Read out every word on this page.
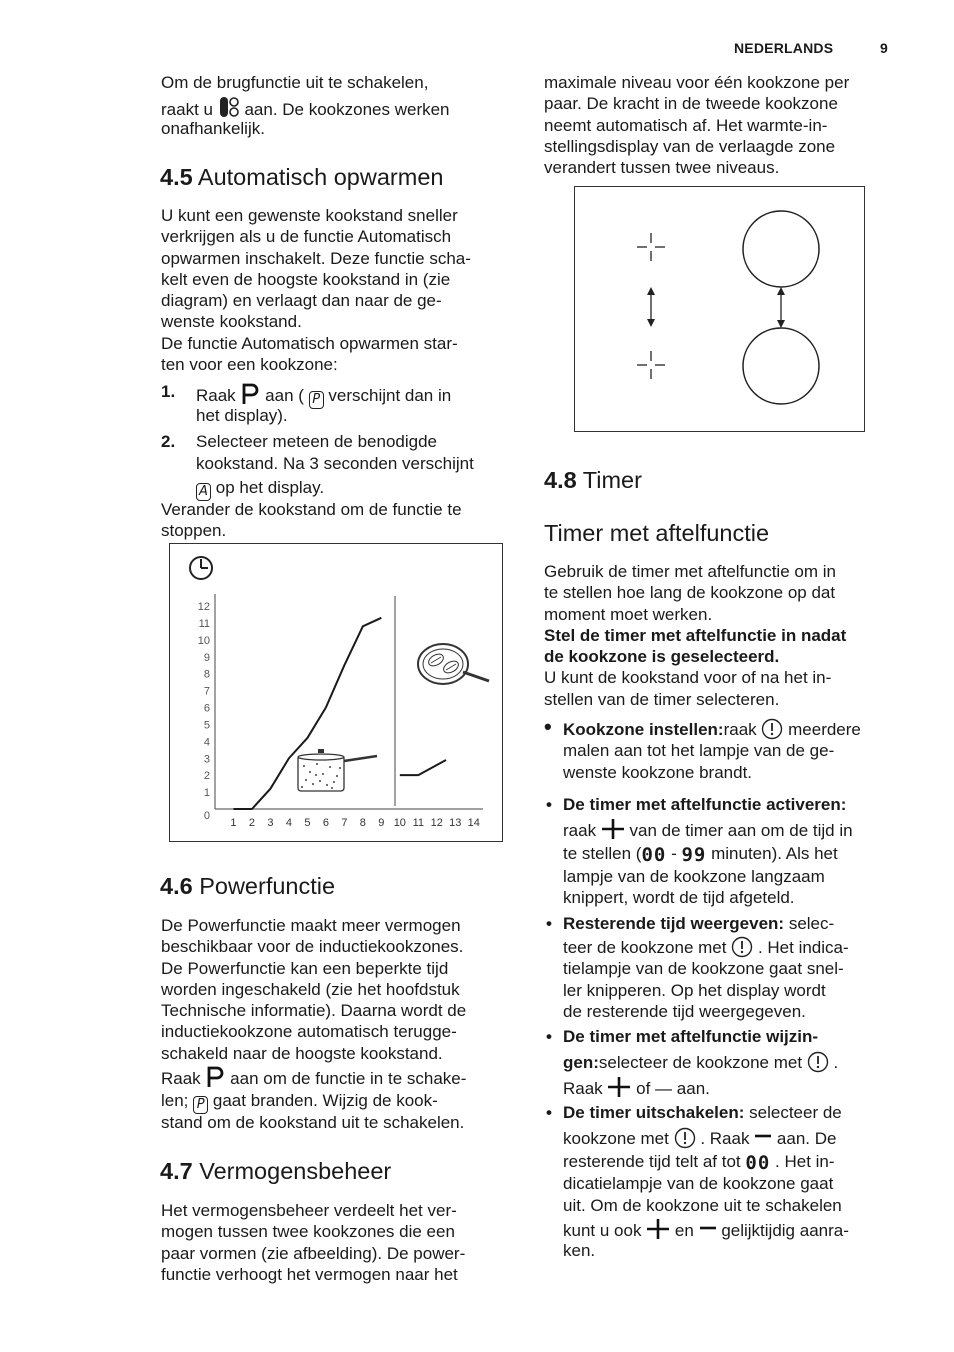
NEDERLANDS	9
Om de brugfunctie uit te schakelen,
raakt u aan. De kookzones werken
onafhankelijk.
4.5 Automatisch opwarmen
U kunt een gewenste kookstand sneller
verkrijgen als u de functie Automatisch
opwarmen inschakelt. Deze functie scha-
kelt even de hoogste kookstand in (zie
diagram) en verlaagt dan naar de ge-
wenste kookstand.
De functie Automatisch opwarmen star-
ten voor een kookzone:
1. Raak aan ( P verschijnt dan in
het display).
2. Selecteer meteen de benodigde
kookstand. Na 3 seconden verschijnt
A op het display.
Verander de kookstand om de functie te
stoppen.
0
1
2
3
4
5
6
7
8
9
10
11
12
1 2 3 4 5 6 7 8 9 10 11 12 13 14
4.6 Powerfunctie
De Powerfunctie maakt meer vermogen
beschikbaar voor de inductiekookzones.
De Powerfunctie kan een beperkte tijd
worden ingeschakeld (zie het hoofdstuk
Technische informatie). Daarna wordt de
inductiekookzone automatisch terugge-
schakeld naar de hoogste kookstand.
Raak aan om de functie in te schake-
len; P gaat branden. Wijzig de kook-
stand om de kookstand uit te schakelen.
4.7 Vermogensbeheer
Het vermogensbeheer verdeelt het ver-
mogen tussen twee kookzones die een
paar vormen (zie afbeelding). De power-
functie verhoogt het vermogen naar het
maximale niveau voor één kookzone per
paar. De kracht in de tweede kookzone
neemt automatisch af. Het warmte-in-
stellingsdisplay van de verlaagde zone
verandert tussen twee niveaus.
4.8 Timer
Timer met aftelfunctie
Gebruik de timer met aftelfunctie om in
te stellen hoe lang de kookzone op dat
moment moet werken.
Stel de timer met aftelfunctie in nadat
de kookzone is geselecteerd.
U kunt de kookstand voor of na het in-
stellen van de timer selecteren.
• Kookzone instellen:raak meerdere
malen aan tot het lampje van de ge-
wenste kookzone brandt.
• De timer met aftelfunctie activeren:
raak van de timer aan om de tijd in
te stellen (00 - 99 minuten). Als het
lampje van de kookzone langzaam
knippert, wordt de tijd afgeteld.
• Resterende tijd weergeven: selec-
teer de kookzone met . Het indica-
tielampje van de kookzone gaat snel-
ler knipperen. Op het display wordt
de resterende tijd weergegeven.
• De timer met aftelfunctie wijzin-
gen:selecteer de kookzone met .
Raak of — aan.
• De timer uitschakelen: selecteer de
kookzone met . Raak aan. De
resterende tijd telt af tot 00 . Het in-
dicatielampje van de kookzone gaat
uit. Om de kookzone uit te schakelen
kunt u ook en gelijktijdig aanra-
ken.
